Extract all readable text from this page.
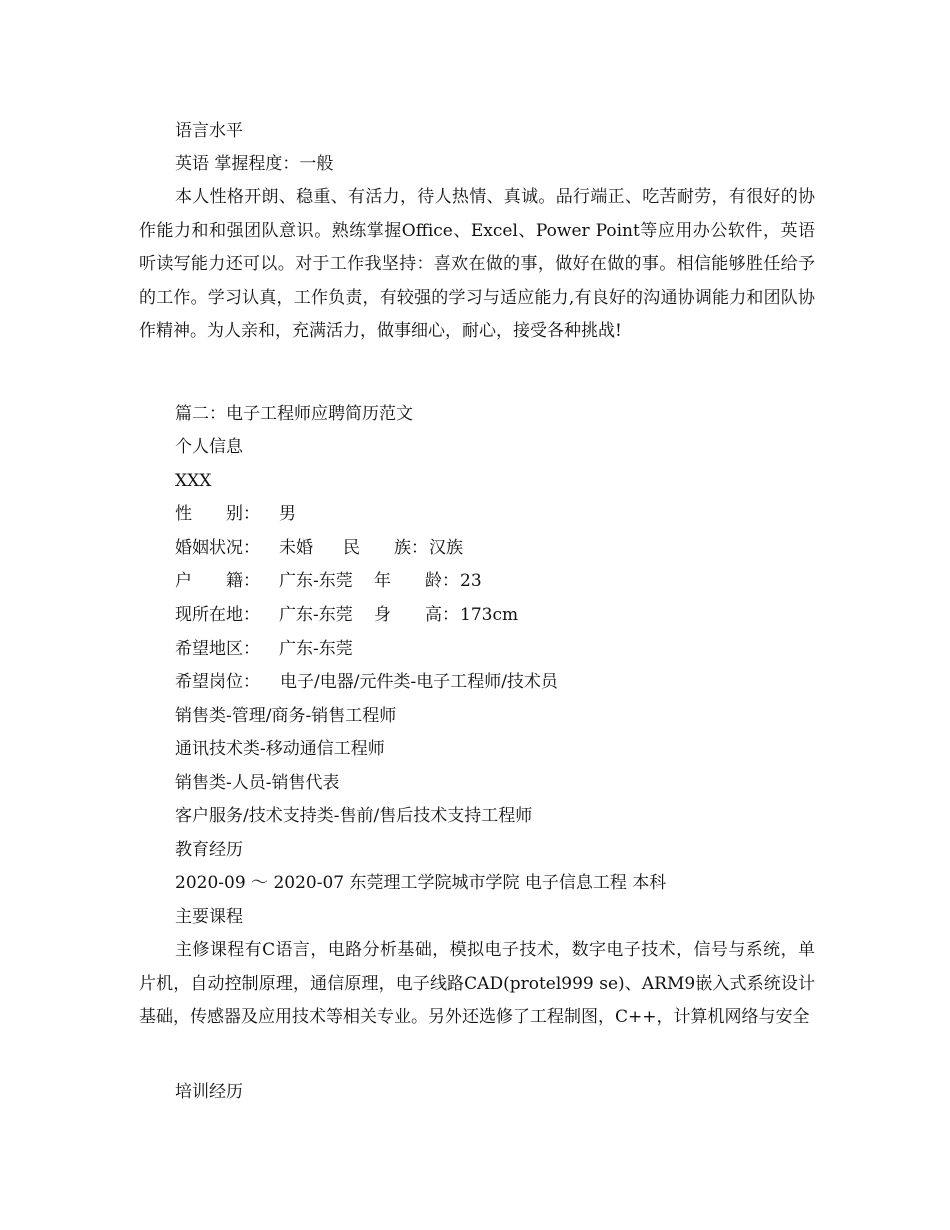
语言水平
英语 掌握程度：一般
本人性格开朗、稳重、有活力，待人热情、真诚。品行端正、吃苦耐劳，有很好的协作能力和和强团队意识。熟练掌握Office、Excel、Power Point等应用办公软件，英语听读写能力还可以。对于工作我坚持：喜欢在做的事，做好在做的事。相信能够胜任给予的工作。学习认真，工作负责，有较强的学习与适应能力,有良好的沟通协调能力和团队协作精神。为人亲和，充满活力，做事细心，耐心，接受各种挑战!
篇二：电子工程师应聘简历范文
个人信息
XXX
性　　别： 男
婚姻状况： 未婚 民　　族：汉族
户　　籍： 广东-东莞 年　　龄：23
现所在地： 广东-东莞 身　　高：173cm
希望地区： 广东-东莞
希望岗位： 电子/电器/元件类-电子工程师/技术员
销售类-管理/商务-销售工程师
通讯技术类-移动通信工程师
销售类-人员-销售代表
客户服务/技术支持类-售前/售后技术支持工程师
教育经历
2020-09 ～ 2020-07 东莞理工学院城市学院 电子信息工程 本科
主要课程
主修课程有C语言，电路分析基础，模拟电子技术，数字电子技术，信号与系统，单片机，自动控制原理，通信原理，电子线路CAD(protel999 se)、ARM9嵌入式系统设计基础，传感器及应用技术等相关专业。另外还选修了工程制图，C++，计算机网络与安全
培训经历
